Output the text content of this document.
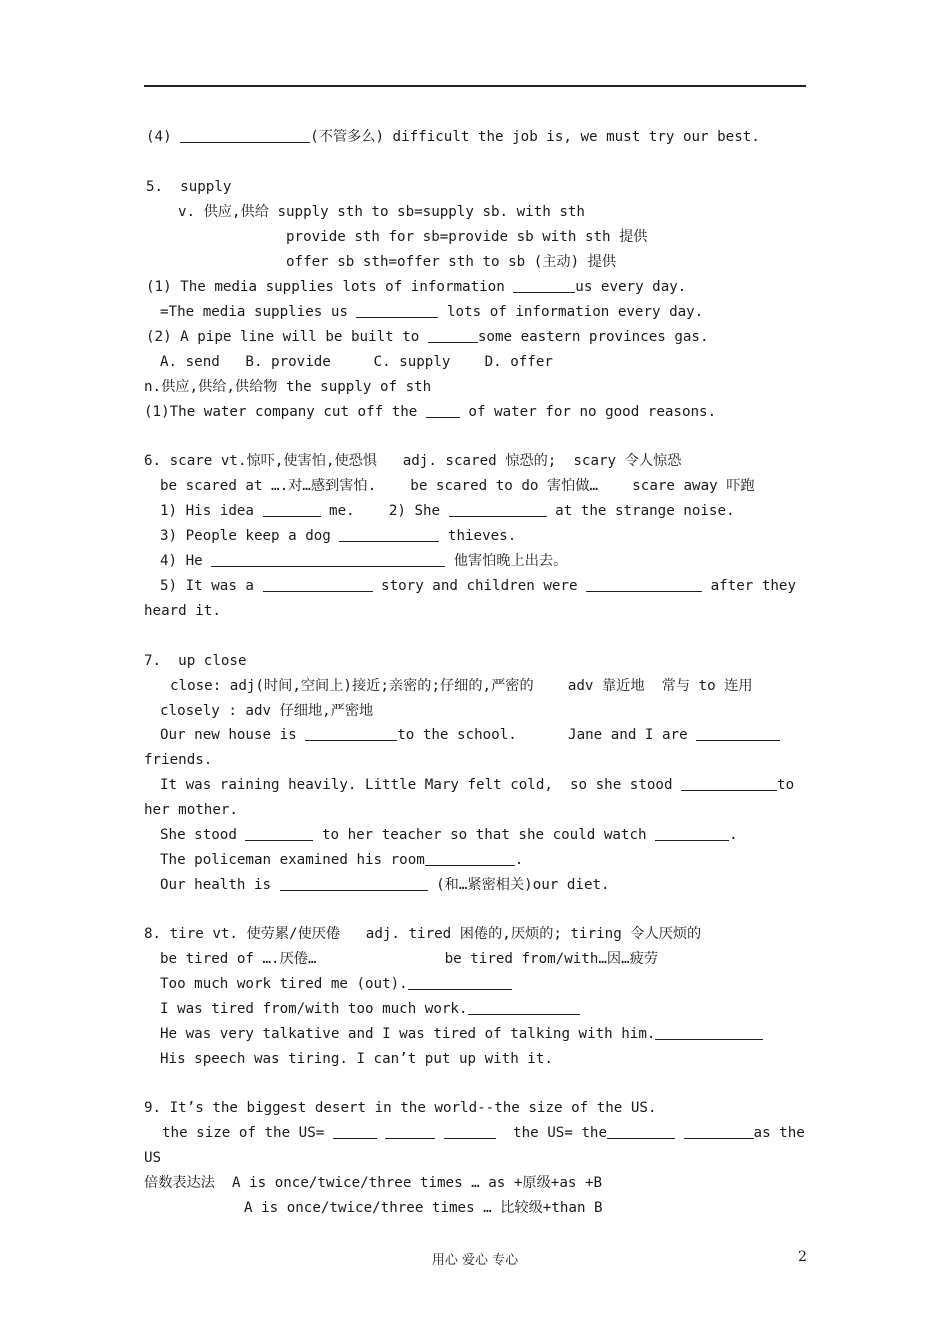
(4)	(不管多么) difficult the job is, we must try our best.
5.  supply
v. 供应,供给 supply sth to sb=supply sb. with sth
provide sth for sb=provide sb with sth 提供
offer sb sth=offer sth to sb (主动) 提供
(1) The media supplies lots of information	us every day.
=The media supplies us	lots of information every day.
(2) A pipe line will be built to	some eastern provinces gas.
A. send   B. provide     C. supply    D. offer
n.供应,供给,供给物 the supply of sth
(1)The water company cut off the  of water for no good reasons.
6. scare vt.惊吓,使害怕,使恐惧   adj. scared 惊恐的;  scary 令人惊恐
be scared at ….对…感到害怕.    be scared to do 害怕做…    scare away 吓跑
1) His idea	me.    2) She	at the strange noise.
3) People keep a dog	thieves.
4) He	他害怕晚上出去。
5) It was a	story and children were	after they
heard it.
7.  up close
close: adj(时间,空间上)接近;亲密的;仔细的,严密的    adv 靠近地  常与 to 连用
closely : adv 仔细地,严密地
Our new house is	to the school.      Jane and I are
friends.
It was raining heavily. Little Mary felt cold,  so she stood	to
her mother.
She stood	to her teacher so that she could watch	.
The policeman examined his room	.
Our health is	(和…紧密相关)our diet.
8. tire vt. 使劳累/使厌倦   adj. tired 困倦的,厌烦的; tiring 令人厌烦的
be tired of ….厌倦…               be tired from/with…因…疲劳
Too much work tired me (out).
I was tired from/with too much work.
He was very talkative and I was tired of talking with him.
His speech was tiring. I can’t put up with it.
9. It’s the biggest desert in the world--the size of the US.
the size of the US=	the US= the	as the
US
倍数表达法  A is once/twice/three times … as +原级+as +B
A is once/twice/three times … 比较级+than B
用心 爱心 专心	2
